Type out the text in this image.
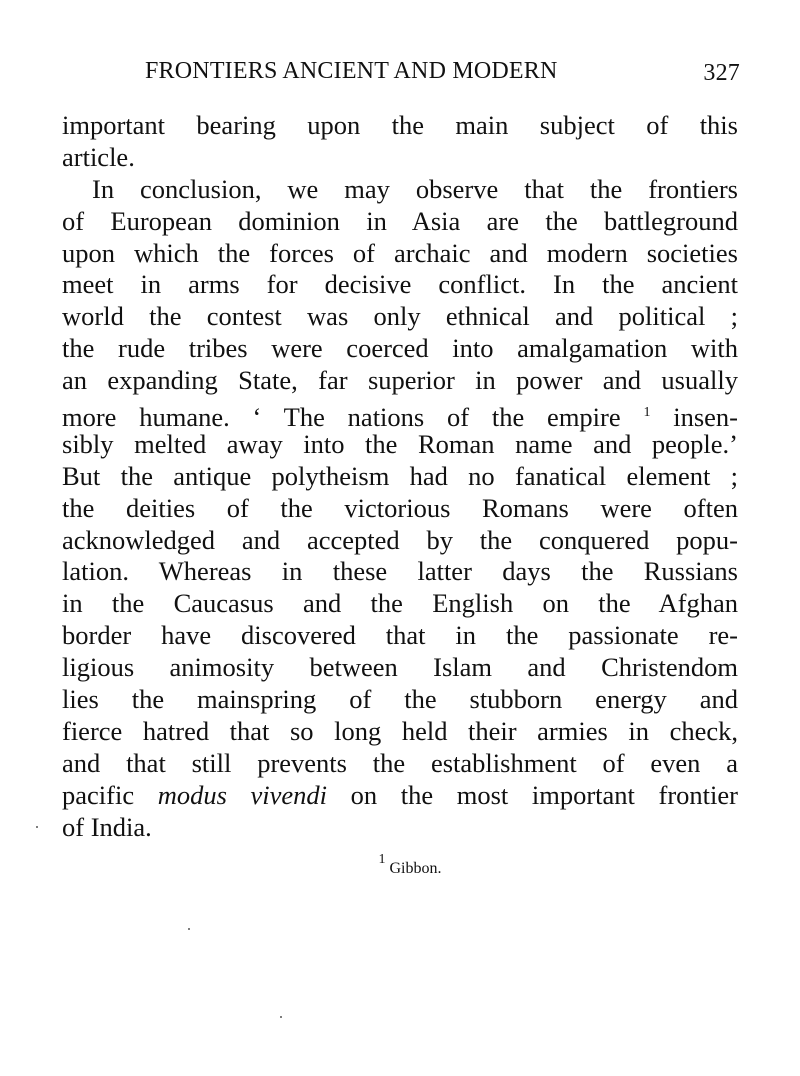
FRONTIERS ANCIENT AND MODERN	327
important bearing upon the main subject of this
article.
In conclusion, we may observe that the frontiers
of European dominion in Asia are the battleground
upon which the forces of archaic and modern societies
meet in arms for decisive conflict. In the ancient
world the contest was only ethnical and political ;
the rude tribes were coerced into amalgamation with
an expanding State, far superior in power and usually
more humane. ‘ The nations of the empire $^1$ insen-
sibly melted away into the Roman name and people.’
But the antique polytheism had no fanatical element ;
the deities of the victorious Romans were often
acknowledged and accepted by the conquered popu-
lation. Whereas in these latter days the Russians
in the Caucasus and the English on the Afghan
border have discovered that in the passionate re-
ligious animosity between Islam and Christendom
lies the mainspring of the stubborn energy and
fierce hatred that so long held their armies in check,
and that still prevents the establishment of even a
pacific modus vivendi on the most important frontier
of India.
$^1$ Gibbon.
